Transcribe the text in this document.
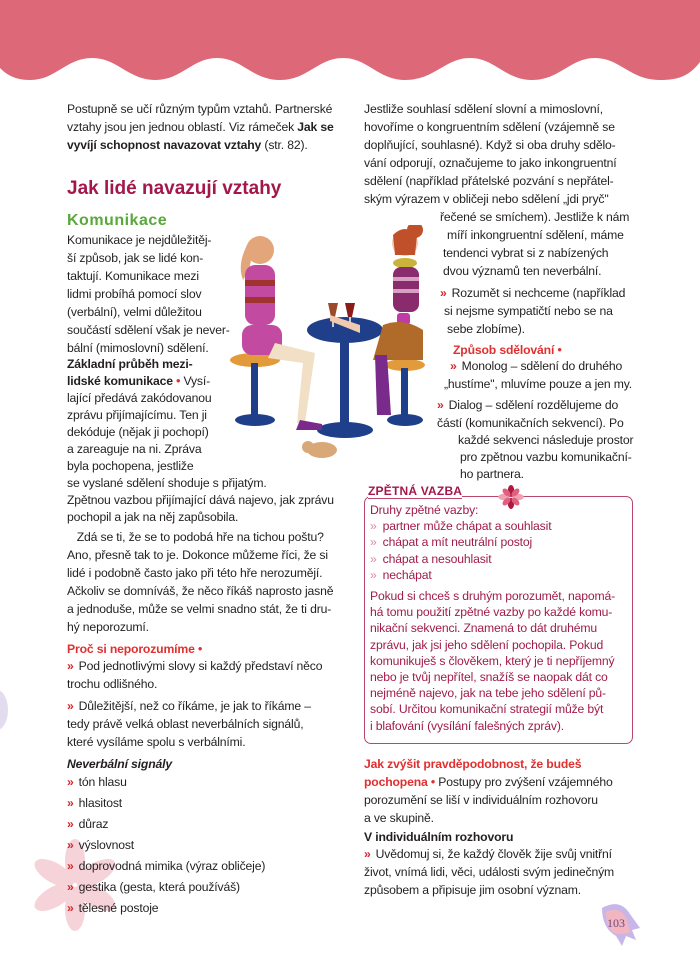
Postupně se učí různým typům vztahů. Partnerské
vztahy jsou jen jednou oblastí. Viz rámeček Jak se
vyvíjí schopnost navazovat vztahy (str. 82).
Jak lidé navazují vztahy
Komunikace
Komunikace je nejdůležitěj-
ší způsob, jak se lidé kon-
taktují. Komunikace mezi
lidmi probíhá pomocí slov
(verbální), velmi důležitou
součástí sdělení však je never-
bální (mimoslovní) sdělení.
Základní průběh mezi-
lidské komunikace • Vysí-
lající předává zakódovanou
zprávu přijímajícímu. Ten ji
dekóduje (nějak ji pochopí)
a zareaguje na ni. Zpráva
byla pochopena, jestliže
se vyslané sdělení shoduje s přijatým.
Zpětnou vazbou přijímající dává najevo, jak zprávu
pochopil a jak na něj zapůsobila.
Zdá se ti, že se to podobá hře na tichou poštu?
Ano, přesně tak to je. Dokonce můžeme říci, že si
lidé i podobně často jako při této hře nerozumějí.
Ačkoliv se domníváš, že něco říkáš naprosto jasně
a jednoduše, může se velmi snadno stát, že ti dru-
hý neporozumí.
Proč si neporozumíme •
» Pod jednotlivými slovy si každý představí něco
trochu odlišného.
» Důležitější, než co říkáme, je jak to říkáme –
tedy právě velká oblast neverbálních signálů,
které vysíláme spolu s verbálními.
Neverbální signály
» tón hlasu
» hlasitost
» důraz
» výslovnost
» doprovodná mimika (výraz obličeje)
» gestika (gesta, která používáš)
» tělesné postoje
Jestliže souhlasí sdělení slovní a mimoslovní,
hovoříme o kongruentním sdělení (vzájemně se
doplňující, souhlasné). Když si oba druhy sdělo-
vání odporují, označujeme to jako inkongruentní
sdělení (například přátelské pozvání s nepřátel-
ským výrazem v obličeji nebo sdělení „jdi pryč"
řečené se smíchem). Jestliže k nám
míří inkongruentní sdělení, máme
tendenci vybrat si z nabízených
dvou významů ten neverbální.
» Rozumět si nechceme (například
si nejsme sympatičtí nebo se na
sebe zlobíme).
Způsob sdělování •
» Monolog – sdělení do druhého
„hustíme", mluvíme pouze a jen my.
» Dialog – sdělení rozdělujeme do
částí (komunikačních sekvencí). Po
každé sekvenci následuje prostor
pro zpětnou vazbu komunikační-
ho partnera.
ZPĚTNÁ VAZBA
Druhy zpětné vazby:
» partner může chápat a souhlasit
» chápat a mít neutrální postoj
» chápat a nesouhlasit
» nechápat
Pokud si chceš s druhým porozumět, napomá-
há tomu použití zpětné vazby po každé komu-
nikační sekvenci. Znamená to dát druhému
zprávu, jak jsi jeho sdělení pochopila. Pokud
komunikuješ s člověkem, který je ti nepříjemný
nebo je tvůj nepřítel, snažíš se naopak dát co
nejméně najevo, jak na tebe jeho sdělení pů-
sobí. Určitou komunikační strategií může být
i blafování (vysílání falešných zpráv).
Jak zvýšit pravděpodobnost, že budeš
pochopena • Postupy pro zvýšení vzájemného
porozumění se liší v individuálním rozhovoru
a ve skupině.
V individuálním rozhovoru
» Uvědomuj si, že každý člověk žije svůj vnitřní
život, vnímá lidi, věci, události svým jedinečným
způsobem a připisuje jim osobní význam.
103
